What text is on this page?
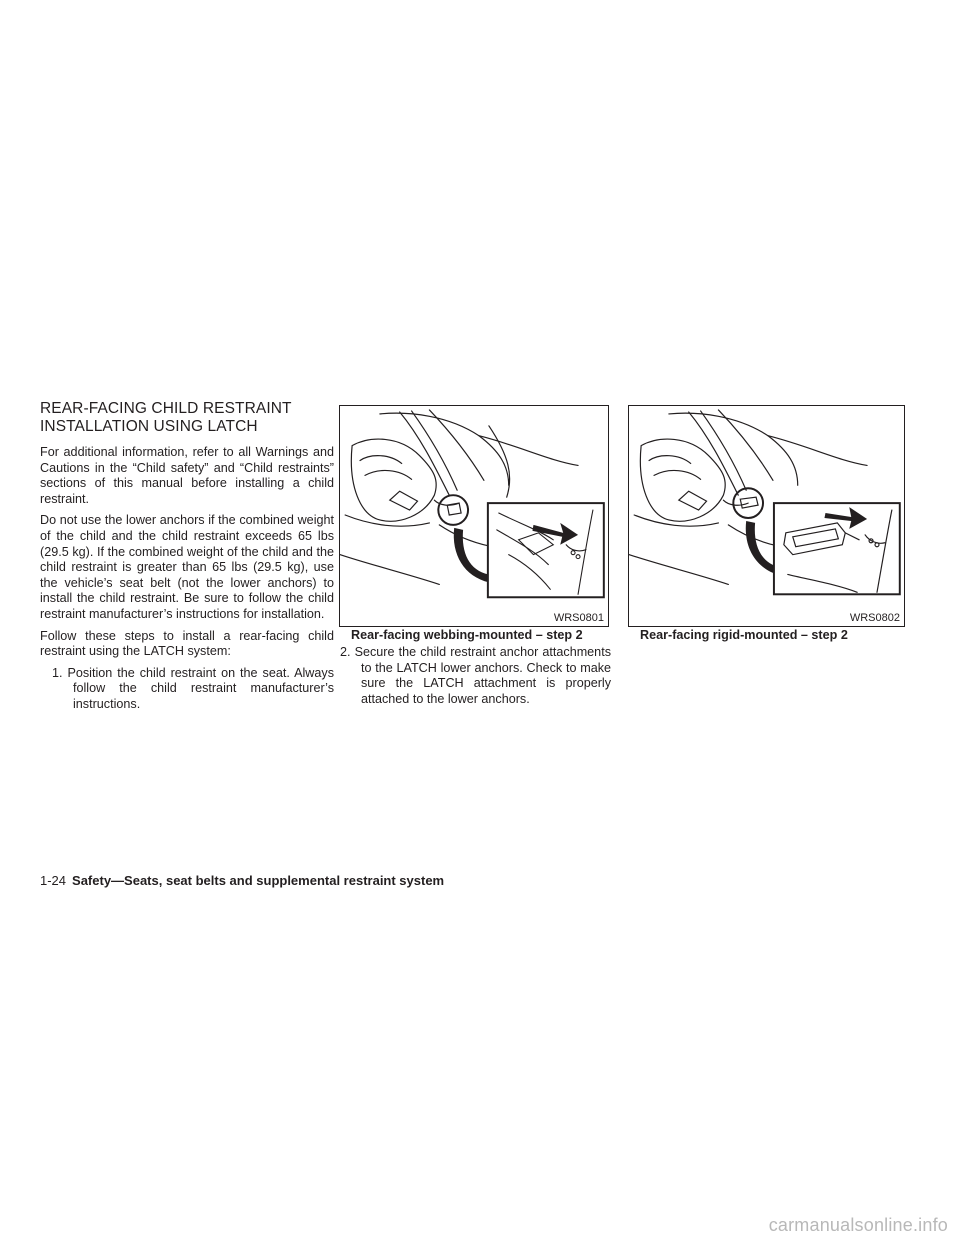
REAR-FACING CHILD RESTRAINT
INSTALLATION USING LATCH

For additional information, refer to all Warnings and Cautions in the “Child safety” and “Child restraints” sections of this manual before installing a child restraint.

Do not use the lower anchors if the combined weight of the child and the child restraint exceeds 65 lbs (29.5 kg). If the combined weight of the child and the child restraint is greater than 65 lbs (29.5 kg), use the vehicle’s seat belt (not the lower anchors) to install the child restraint. Be sure to follow the child restraint manufacturer’s instructions for installation.

Follow these steps to install a rear-facing child restraint using the LATCH system:

1. Position the child restraint on the seat. Always follow the child restraint manufacturer’s instructions.

WRS0801

Rear-facing webbing-mounted – step 2

2. Secure the child restraint anchor attachments to the LATCH lower anchors. Check to make sure the LATCH attachment is properly attached to the lower anchors.

WRS0802

Rear-facing rigid-mounted – step 2

1-24 Safety—Seats, seat belts and supplemental restraint system
carmanualsonline.info
